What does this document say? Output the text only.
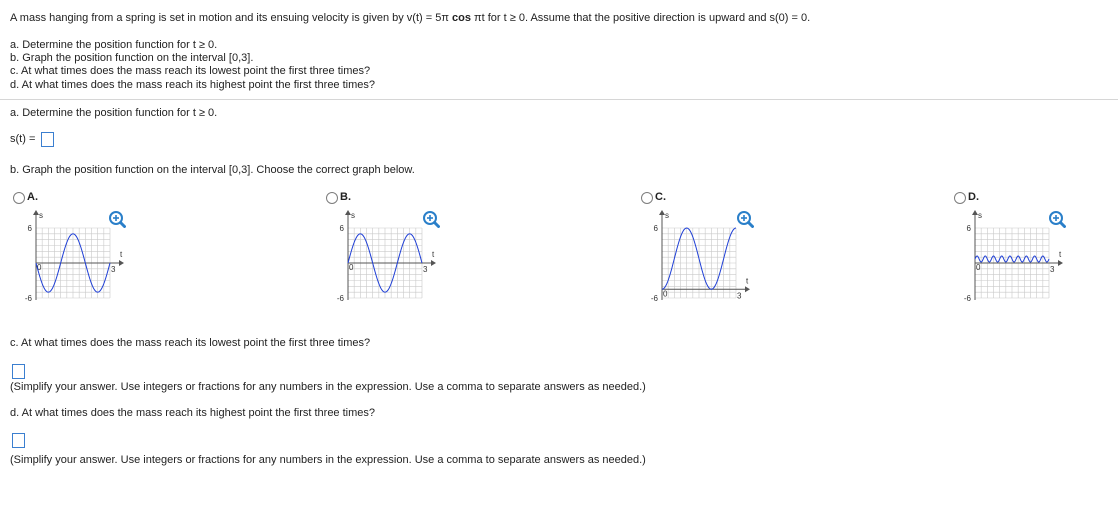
A mass hanging from a spring is set in motion and its ensuing velocity is given by v(t) = 5π cos πt for t ≥ 0. Assume that the positive direction is upward and s(0) = 0.
a. Determine the position function for t ≥ 0.
b. Graph the position function on the interval [0,3].
c. At what times does the mass reach its lowest point the first three times?
d. At what times does the mass reach its highest point the first three times?
a. Determine the position function for t ≥ 0.
s(t) =
b. Graph the position function on the interval [0,3]. Choose the correct graph below.
A.
s
6
-6
0	3
t
B.
s
6
-6
0	3
t
C.
s
6
-6
0	3
t
D.
s
6
-6
0	3
t
c. At what times does the mass reach its lowest point the first three times?
(Simplify your answer. Use integers or fractions for any numbers in the expression. Use a comma to separate answers as needed.)
d. At what times does the mass reach its highest point the first three times?
(Simplify your answer. Use integers or fractions for any numbers in the expression. Use a comma to separate answers as needed.)
